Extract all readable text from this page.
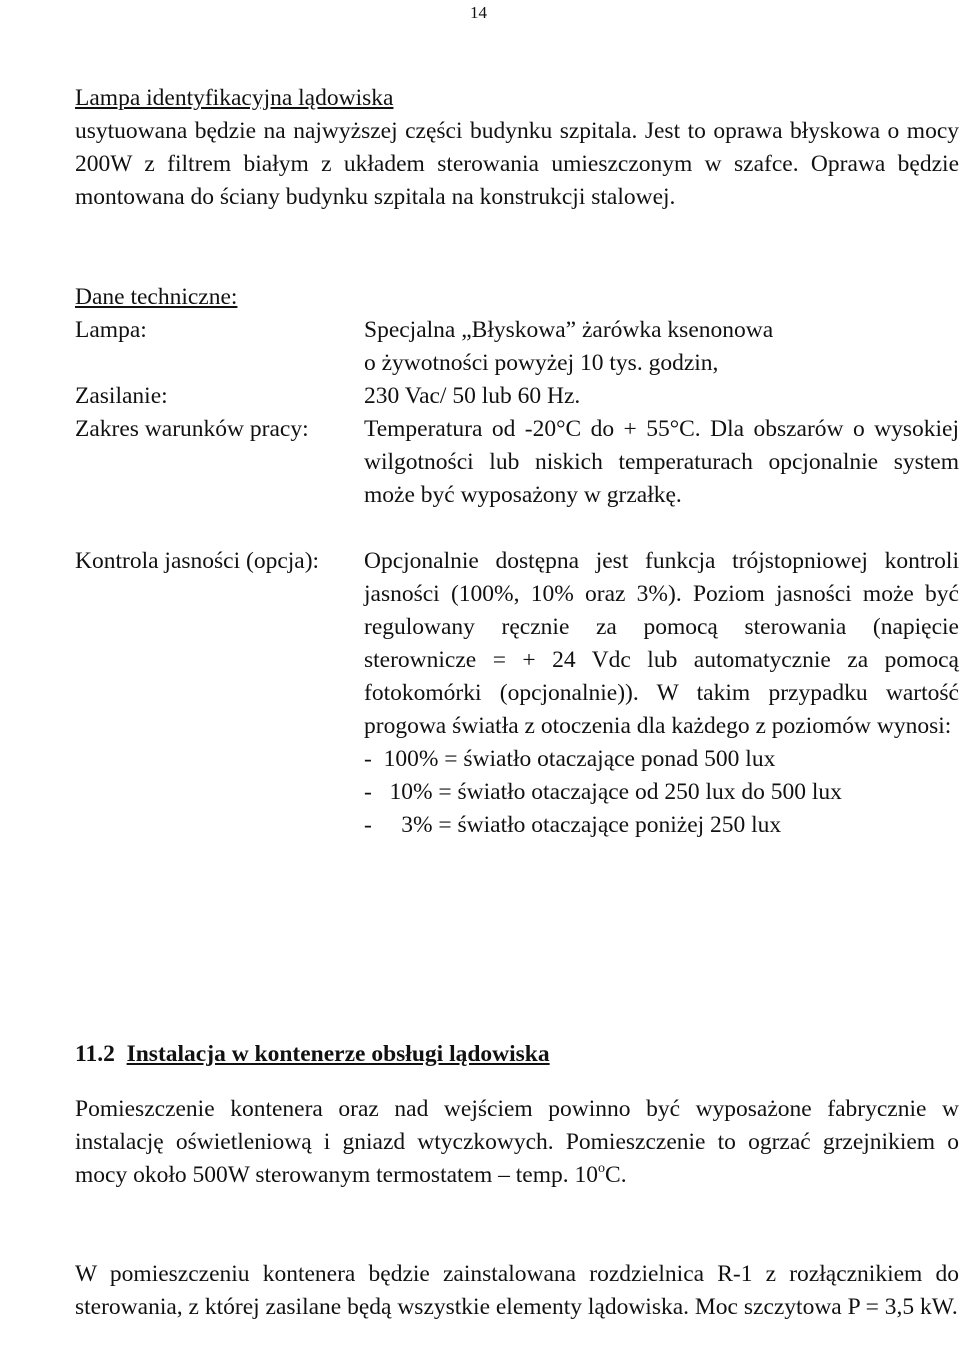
14
Lampa identyfikacyjna lądowiska
usytuowana będzie na najwyższej części budynku szpitala. Jest to oprawa błyskowa o mocy 200W z filtrem białym z układem sterowania umieszczonym w szafce. Oprawa będzie montowana do ściany budynku szpitala na konstrukcji stalowej.
Dane techniczne:
Lampa:	Specjalna „Błyskowa” żarówka ksenonowa
o żywotności powyżej 10 tys. godzin,
Zasilanie:	230 Vac/ 50 lub 60 Hz.
Zakres warunków pracy: Temperatura od -20°C do + 55°C. Dla obszarów o wysokiej wilgotności lub niskich temperaturach opcjonalnie system może być wyposażony w grzałkę.
Kontrola jasności (opcja): Opcjonalnie dostępna jest funkcja trójstopniowej kontroli jasności (100%, 10% oraz 3%). Poziom jasności może być regulowany ręcznie za pomocą sterowania (napięcie sterownicze = + 24 Vdc lub automatycznie za pomocą fotokomórki (opcjonalnie)). W takim przypadku wartość progowa światła z otoczenia dla każdego z poziomów wynosi:
-  100% = światło otaczające ponad 500 lux
-   10% = światło otaczające od 250 lux do 500 lux
-     3% = światło otaczające poniżej 250 lux
11.2 Instalacja w kontenerze obsługi lądowiska
Pomieszczenie kontenera oraz nad wejściem powinno być wyposażone fabrycznie w instalację oświetleniową i gniazd wtyczkowych. Pomieszczenie to ogrzać grzejnikiem o mocy około 500W sterowanym termostatem – temp. 10$^o$C.
W pomieszczeniu kontenera będzie zainstalowana rozdzielnica R-1 z rozłącznikiem do sterowania, z której zasilane będą wszystkie elementy lądowiska. Moc szczytowa P = 3,5 kW.
